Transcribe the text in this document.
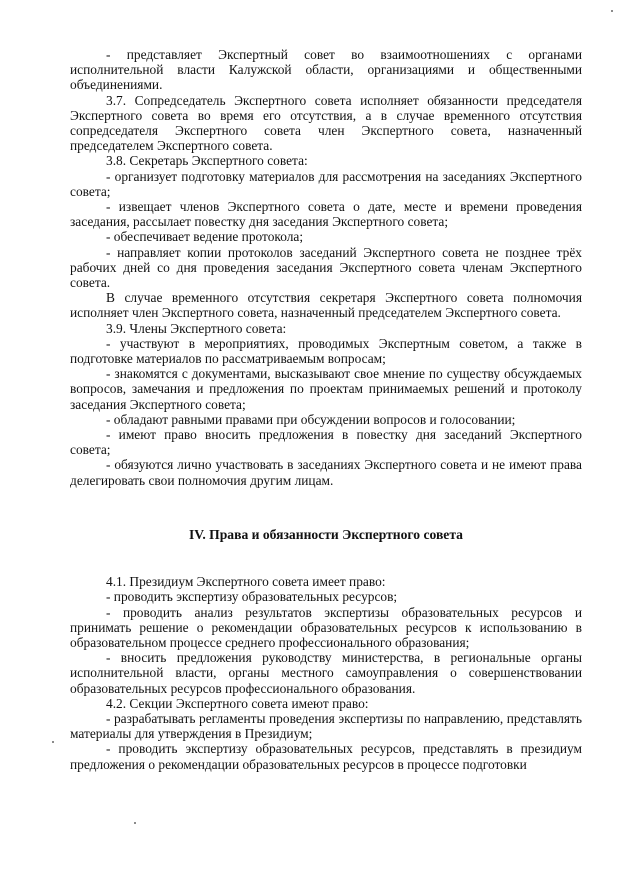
- представляет Экспертный совет во взаимоотношениях с органами исполнительной власти Калужской области, организациями и общественными объединениями.

3.7. Сопредседатель Экспертного совета исполняет обязанности председателя Экспертного совета во время его отсутствия, а в случае временного отсутствия сопредседателя Экспертного совета член Экспертного совета, назначенный председателем Экспертного совета.

3.8. Секретарь Экспертного совета:

- организует подготовку материалов для рассмотрения на заседаниях Экспертного совета;

- извещает членов Экспертного совета о дате, месте и времени проведения заседания, рассылает повестку дня заседания Экспертного совета;

- обеспечивает ведение протокола;

- направляет копии протоколов заседаний Экспертного совета не позднее трёх рабочих дней со дня проведения заседания Экспертного совета членам Экспертного совета.

В случае временного отсутствия секретаря Экспертного совета полномочия исполняет член Экспертного совета, назначенный председателем Экспертного совета.

3.9. Члены Экспертного совета:

- участвуют в мероприятиях, проводимых Экспертным советом, а также в подготовке материалов по рассматриваемым вопросам;

- знакомятся с документами, высказывают свое мнение по существу обсуждаемых вопросов, замечания и предложения по проектам принимаемых решений и протоколу заседания Экспертного совета;

- обладают равными правами при обсуждении вопросов и голосовании;

- имеют право вносить предложения в повестку дня заседаний Экспертного совета;

- обязуются лично участвовать в заседаниях Экспертного совета и не имеют права делегировать свои полномочия другим лицам.

IV. Права и обязанности Экспертного совета

4.1. Президиум Экспертного совета имеет право:

- проводить экспертизу образовательных ресурсов;

- проводить анализ результатов экспертизы образовательных ресурсов и принимать решение о рекомендации образовательных ресурсов к использованию в образовательном процессе среднего профессионального образования;

- вносить предложения руководству министерства, в региональные органы исполнительной власти, органы местного самоуправления о совершенствовании образовательных ресурсов профессионального образования.

4.2. Секции Экспертного совета имеют право:

- разрабатывать регламенты проведения экспертизы по направлению, представлять материалы для утверждения в Президиум;

- проводить экспертизу образовательных ресурсов, представлять в президиум предложения о рекомендации образовательных ресурсов в процессе подготовки
